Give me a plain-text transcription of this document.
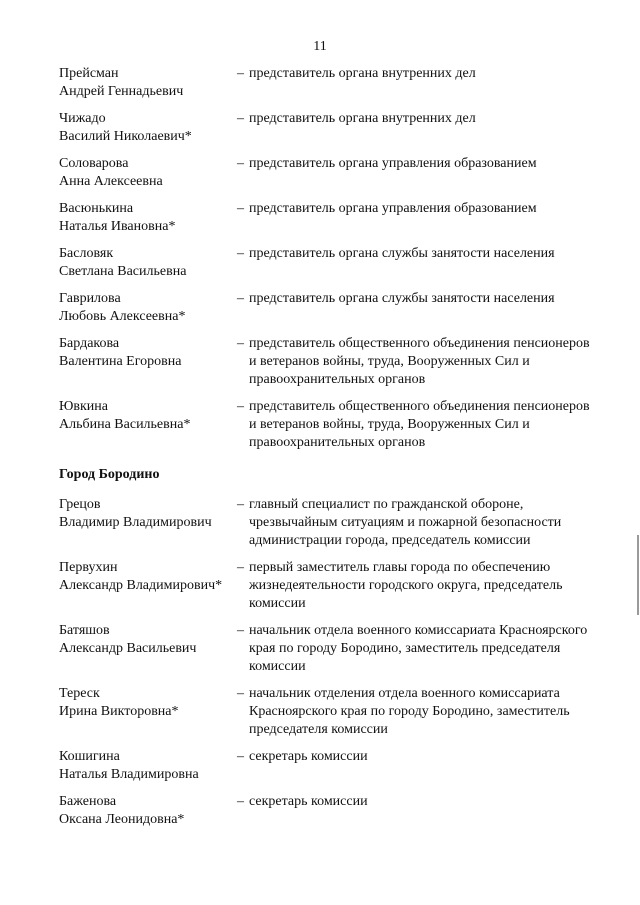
11
Прейсман
Андрей Геннадьевич
– представитель органа внутренних дел
Чижадо
Василий Николаевич*
– представитель органа внутренних дел
Соловарова
Анна Алексеевна
– представитель органа управления образованием
Васюнькина
Наталья Ивановна*
– представитель органа управления образованием
Басловяк
Светлана Васильевна
– представитель органа службы занятости населения
Гаврилова
Любовь Алексеевна*
– представитель органа службы занятости населения
Бардакова
Валентина Егоровна
– представитель общественного объединения пенсионеров и ветеранов войны, труда, Вооруженных Сил и правоохранительных органов
Ювкина
Альбина Васильевна*
– представитель общественного объединения пенсионеров и ветеранов войны, труда, Вооруженных Сил и правоохранительных органов
Город Бородино
Грецов
Владимир Владимирович
– главный специалист по гражданской обороне, чрезвычайным ситуациям и пожарной безопасности администрации города, председатель комиссии
Первухин
Александр Владимирович*
– первый заместитель главы города по обеспечению жизнедеятельности городского округа, председатель комиссии
Батяшов
Александр Васильевич
– начальник отдела военного комиссариата Красноярского края по городу Бородино, заместитель председателя комиссии
Тереск
Ирина Викторовна*
– начальник отделения отдела военного комиссариата Красноярского края по городу Бородино, заместитель председателя комиссии
Кошигина
Наталья Владимировна
– секретарь комиссии
Баженова
Оксана Леонидовна*
– секретарь комиссии
